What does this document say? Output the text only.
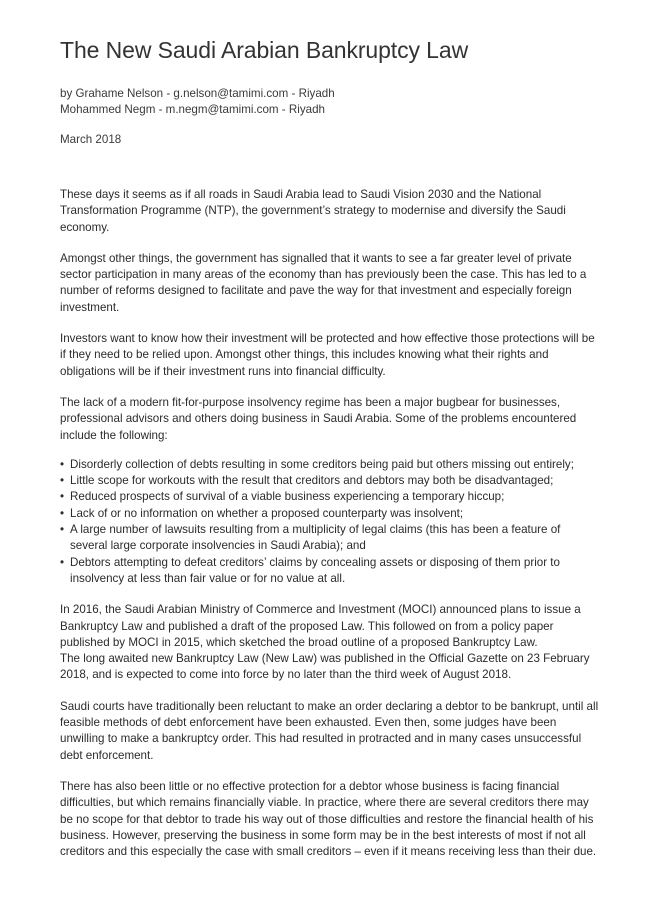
The New Saudi Arabian Bankruptcy Law
by Grahame Nelson - g.nelson@tamimi.com - Riyadh
Mohammed Negm - m.negm@tamimi.com - Riyadh
March 2018

These days it seems as if all roads in Saudi Arabia lead to Saudi Vision 2030 and the National Transformation Programme (NTP), the government’s strategy to modernise and diversify the Saudi economy.

Amongst other things, the government has signalled that it wants to see a far greater level of private sector participation in many areas of the economy than has previously been the case. This has led to a number of reforms designed to facilitate and pave the way for that investment and especially foreign investment.

Investors want to know how their investment will be protected and how effective those protections will be if they need to be relied upon. Amongst other things, this includes knowing what their rights and obligations will be if their investment runs into financial difficulty.

The lack of a modern fit-for-purpose insolvency regime has been a major bugbear for businesses, professional advisors and others doing business in Saudi Arabia. Some of the problems encountered include the following:

• Disorderly collection of debts resulting in some creditors being paid but others missing out entirely;
• Little scope for workouts with the result that creditors and debtors may both be disadvantaged;
• Reduced prospects of survival of a viable business experiencing a temporary hiccup;
• Lack of or no information on whether a proposed counterparty was insolvent;
• A large number of lawsuits resulting from a multiplicity of legal claims (this has been a feature of several large corporate insolvencies in Saudi Arabia); and
• Debtors attempting to defeat creditors’ claims by concealing assets or disposing of them prior to insolvency at less than fair value or for no value at all.

In 2016, the Saudi Arabian Ministry of Commerce and Investment (MOCI) announced plans to issue a Bankruptcy Law and published a draft of the proposed Law. This followed on from a policy paper published by MOCI in 2015, which sketched the broad outline of a proposed Bankruptcy Law.

The long awaited new Bankruptcy Law (New Law) was published in the Official Gazette on 23 February 2018, and is expected to come into force by no later than the third week of August 2018.

Saudi courts have traditionally been reluctant to make an order declaring a debtor to be bankrupt, until all feasible methods of debt enforcement have been exhausted. Even then, some judges have been unwilling to make a bankruptcy order. This had resulted in protracted and in many cases unsuccessful debt enforcement.

There has also been little or no effective protection for a debtor whose business is facing financial difficulties, but which remains financially viable. In practice, where there are several creditors there may be no scope for that debtor to trade his way out of those difficulties and restore the financial health of his business. However, preserving the business in some form may be in the best interests of most if not all creditors and this especially the case with small creditors – even if it means receiving less than their due.
